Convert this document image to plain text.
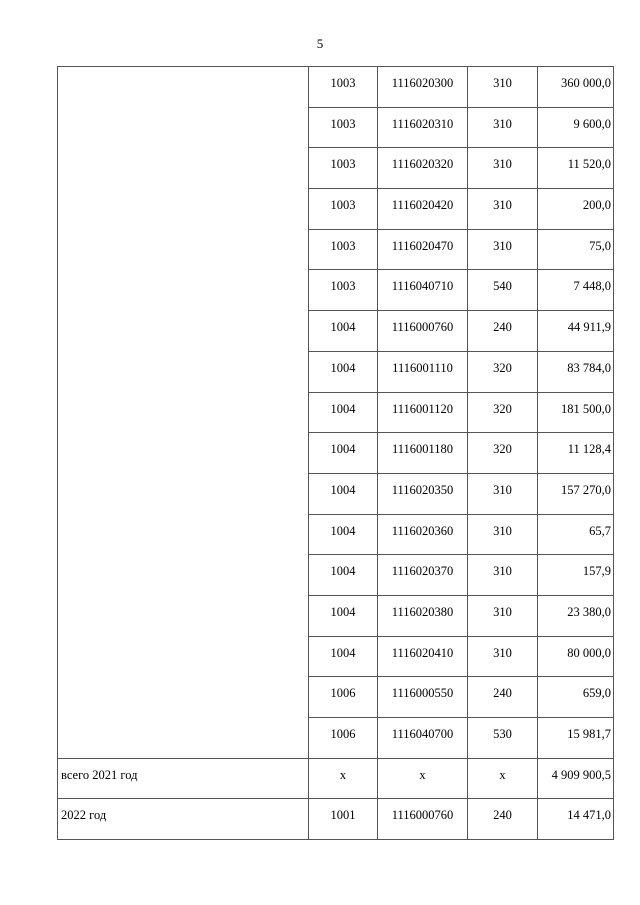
5
	1003	1116020300	310	360 000,0
	1003	1116020310	310	9 600,0
	1003	1116020320	310	11 520,0
	1003	1116020420	310	200,0
	1003	1116020470	310	75,0
	1003	1116040710	540	7 448,0
	1004	1116000760	240	44 911,9
	1004	1116001110	320	83 784,0
	1004	1116001120	320	181 500,0
	1004	1116001180	320	11 128,4
	1004	1116020350	310	157 270,0
	1004	1116020360	310	65,7
	1004	1116020370	310	157,9
	1004	1116020380	310	23 380,0
	1004	1116020410	310	80 000,0
	1006	1116000550	240	659,0
	1006	1116040700	530	15 981,7
всего 2021 год	х	х	х	4 909 900,5
2022 год	1001	1116000760	240	14 471,0
